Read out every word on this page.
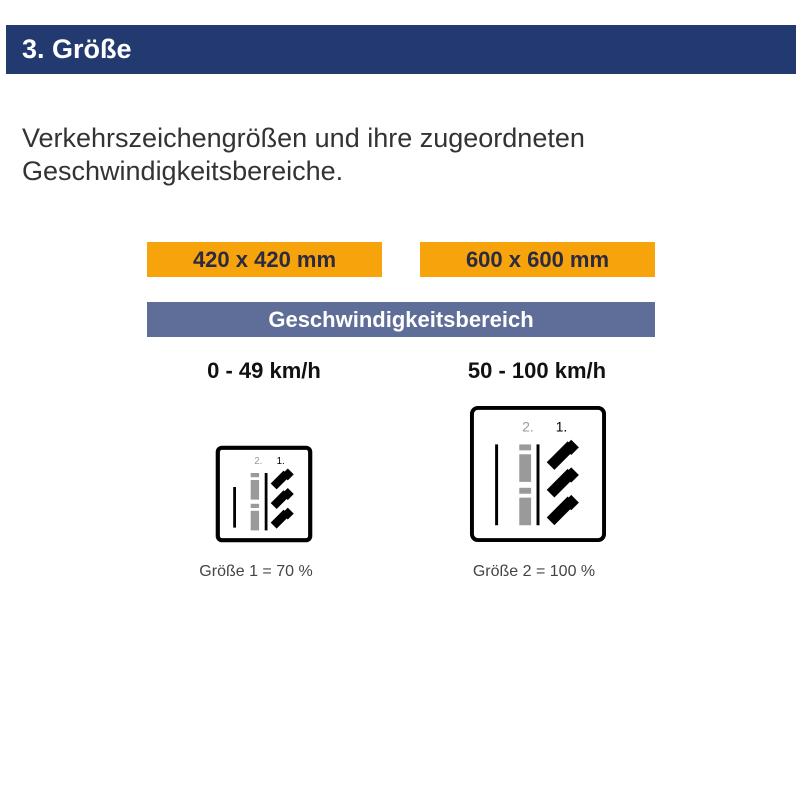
3. Größe
Verkehrszeichengrößen und ihre zugeordneten Geschwindigkeitsbereiche.
420 x 420 mm	600 x 600 mm
Geschwindigkeitsbereich
0 - 49 km/h	50 - 100 km/h
2. 1.
2. 1.
Größe 1 = 70 %	Größe 2 = 100 %
